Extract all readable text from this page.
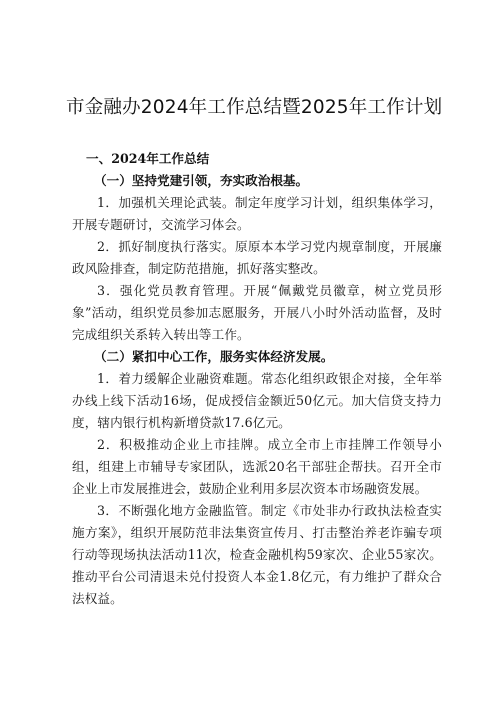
市金融办2024年工作总结暨2025年工作计划

一、2024年工作总结

（一）坚持党建引领，夯实政治根基。

1．加强机关理论武装。制定年度学习计划，组织集体学习，开展专题研讨，交流学习体会。

2．抓好制度执行落实。原原本本学习党内规章制度，开展廉政风险排查，制定防范措施，抓好落实整改。

3．强化党员教育管理。开展“佩戴党员徽章，树立党员形象”活动，组织党员参加志愿服务，开展八小时外活动监督，及时完成组织关系转入转出等工作。

（二）紧扣中心工作，服务实体经济发展。

1．着力缓解企业融资难题。常态化组织政银企对接，全年举办线上线下活动16场，促成授信金额近50亿元。加大信贷支持力度，辖内银行机构新增贷款17.6亿元。

2．积极推动企业上市挂牌。成立全市上市挂牌工作领导小组，组建上市辅导专家团队，选派20名干部驻企帮扶。召开全市企业上市发展推进会，鼓励企业利用多层次资本市场融资发展。

3．不断强化地方金融监管。制定《市处非办行政执法检查实施方案》，组织开展防范非法集资宣传月、打击整治养老诈骗专项行动等现场执法活动11次，检查金融机构59家次、企业55家次。推动平台公司清退未兑付投资人本金1.8亿元，有力维护了群众合法权益。
